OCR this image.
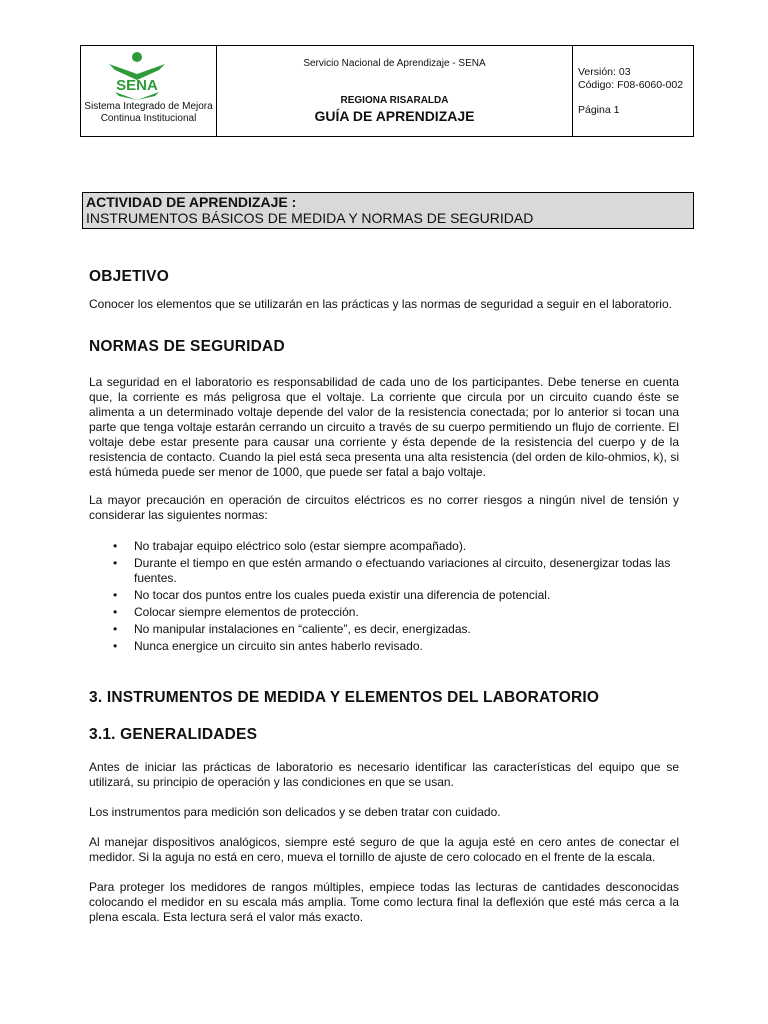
SENA
Sistema Integrado de Mejora Continua Institucional
Servicio Nacional de Aprendizaje - SENA
REGIONA RISARALDA
GUÍA DE APRENDIZAJE
Versión: 03
Código: F08-6060-002
Página 1
ACTIVIDAD DE APRENDIZAJE :
INSTRUMENTOS BÁSICOS DE MEDIDA Y NORMAS DE SEGURIDAD
OBJETIVO
Conocer los elementos que se utilizarán en las prácticas y las normas de seguridad a seguir en el laboratorio.
NORMAS DE SEGURIDAD
La seguridad en el laboratorio es responsabilidad de cada uno de los participantes. Debe tenerse en cuenta que, la corriente es más peligrosa que el voltaje. La corriente que circula por un circuito cuando éste se alimenta a un determinado voltaje depende del valor de la resistencia conectada; por lo anterior si tocan una parte que tenga voltaje estarán cerrando un circuito a través de su cuerpo permitiendo un flujo de corriente. El voltaje debe estar presente para causar una corriente y ésta depende de la resistencia del cuerpo y de la resistencia de contacto. Cuando la piel está seca presenta una alta resistencia (del orden de kilo-ohmios, k), si está húmeda puede ser menor de 1000, que puede ser fatal a bajo voltaje.
La mayor precaución en operación de circuitos eléctricos es no correr riesgos a ningún nivel de tensión y considerar las siguientes normas:
• No trabajar equipo eléctrico solo (estar siempre acompañado).
• Durante el tiempo en que estén armando o efectuando variaciones al circuito, desenergizar todas las fuentes.
• No tocar dos puntos entre los cuales pueda existir una diferencia de potencial.
• Colocar siempre elementos de protección.
• No manipular instalaciones en “caliente”, es decir, energizadas.
• Nunca energice un circuito sin antes haberlo revisado.
3. INSTRUMENTOS DE MEDIDA Y ELEMENTOS DEL LABORATORIO
3.1. GENERALIDADES
Antes de iniciar las prácticas de laboratorio es necesario identificar las características del equipo que se utilizará, su principio de operación y las condiciones en que se usan.
Los instrumentos para medición son delicados y se deben tratar con cuidado.
Al manejar dispositivos analógicos, siempre esté seguro de que la aguja esté en cero antes de conectar el medidor. Si la aguja no está en cero, mueva el tornillo de ajuste de cero colocado en el frente de la escala.
Para proteger los medidores de rangos múltiples, empiece todas las lecturas de cantidades desconocidas colocando el medidor en su escala más amplia. Tome como lectura final la deflexión que esté más cerca a la plena escala. Esta lectura será el valor más exacto.
